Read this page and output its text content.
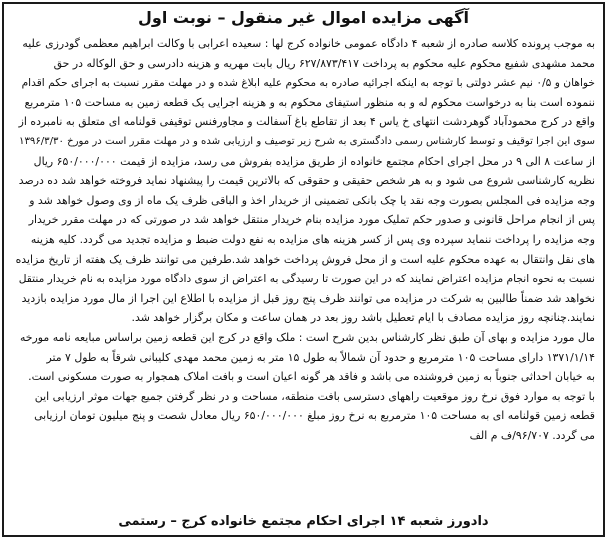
آگهی مزایده اموال غیر منقول – نوبت اول
به موجب پرونده کلاسه صادره از شعبه ۴ دادگاه عمومی خانواده کرج لها : سعیده اعرابی با وکالت ابراهیم معظمی گودرزی علیه
محمد مشهدی شفیع محکوم علیه محکوم به پرداخت ۶۲۷/۸۷۳/۴۱۷ ریال بابت مهریه و هزینه دادرسی و حق الوکاله در حق
خواهان و ۰/۵ نیم عشر دولتی با توجه به اینکه اجرائیه صادره به محکوم علیه ابلاغ شده و در مهلت مقرر نسبت به اجرای حکم اقدام
ننموده است بنا به درخواست محکوم له و به منظور استیفای محکوم به و هزینه اجرایی یک قطعه زمین به مساحت ۱۰۵ مترمربع
واقع در کرج محمودآباد گوهردشت انتهای خ یاس ۴ بعد از تقاطع باغ آسفالت و مجاورفنس توقیفی قولنامه ای متعلق به نامبرده از
سوی این اجرا توقیف و توسط کارشناس رسمی دادگستری به شرح زیر توصیف و ارزیابی شده و در مهلت مقرر است در مورخ ۱۳۹۶/۳/۳۰
از ساعت ۸ الی ۹ در محل اجرای احکام مجتمع خانواده از طریق مزایده بفروش می رسد، مزایده از قیمت ۶۵۰/۰۰۰/۰۰۰ ریال
نظریه کارشناسی شروع می شود و به هر شخص حقیقی و حقوقی که بالاترین قیمت را پیشنهاد نماید فروخته خواهد شد ده درصد
وجه مزایده فی المجلس بصورت وجه نقد یا چک بانکی تضمینی از خریدار اخذ و الباقی ظرف یک ماه از وی وصول خواهد شد و
پس از انجام مراحل قانونی و صدور حکم تملیک مورد مزایده بنام خریدار منتقل خواهد شد در صورتی که در مهلت مقرر خریدار
وجه مزایده را پرداخت ننماید سپرده وی پس از کسر هزینه های مزایده به نفع دولت ضبط و مزایده تجدید می گردد. کلیه هزینه
های نقل وانتقال به عهده محکوم علیه است و از محل فروش پرداخت خواهد شد.طرفین می توانند ظرف یک هفته از تاریخ مزایده
نسبت به نحوه انجام مزایده اعتراض نمایند که در این صورت تا رسیدگی به اعتراض از سوی دادگاه مورد مزایده به نام خریدار منتقل
نخواهد شد ضمناً طالبین به شرکت در مزایده می توانند ظرف پنج روز قبل از مزایده با اطلاع این اجرا از مال مورد مزایده بازدید
نمایند.چنانچه روز مزایده مصادف با ایام تعطیل باشد روز بعد در همان ساعت و مکان برگزار خواهد شد.
مال مورد مزایده و بهای آن طبق نظر کارشناس بدین شرح است : ملک واقع در کرج این قطعه زمین براساس مبایعه نامه مورخه
۱۳۷۱/۱/۱۴ دارای مساحت ۱۰۵ مترمربع و حدود آن شمالاً به طول ۱۵ متر به زمین محمد مهدی کلیبانی شرقاً به طول ۷ متر
به خیابان احداثی جنوباً به زمین فروشنده می باشد و فاقد هر گونه اعیان است و بافت املاک همجوار به صورت مسکونی است.
با توجه به موارد فوق نرخ روز موقعیت راههای دسترسی بافت منطقه، مساحت و در نظر گرفتن جمیع جهات موثر ارزیابی این
قطعه زمین قولنامه ای به مساحت ۱۰۵ مترمربع به نرخ روز مبلغ ۶۵۰/۰۰۰/۰۰۰ ریال معادل شصت و پنج میلیون تومان ارزیابی
می گردد. ۹۶/۷۰۷/ف م الف
دادورز شعبه ۱۴ اجرای احکام مجتمع خانواده کرج – رستمی
